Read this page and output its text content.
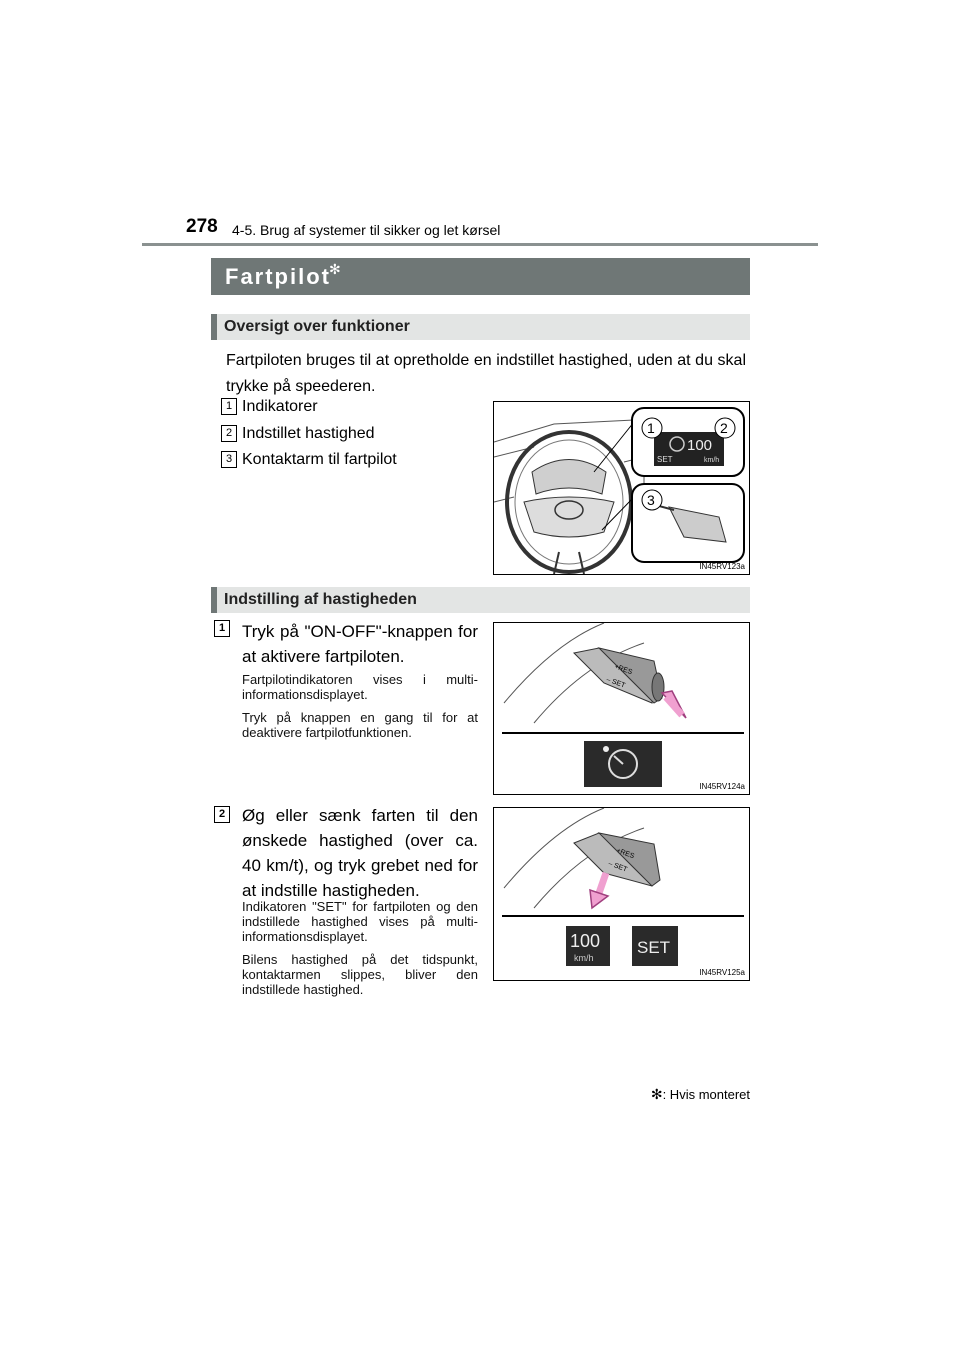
278 4-5. Brug af systemer til sikker og let kørsel
Fartpilot
✻
Oversigt over funktioner
Fartpiloten bruges til at opretholde en indstillet hastighed, uden at du skal trykke på speederen.
1 Indikatorer
2 Indstillet hastighed
3 Kontaktarm til fartpilot
100
SET	km/h
1	2
3
IN45RV123a
Indstilling af hastigheden
1 Tryk på "ON-OFF"-knappen for at aktivere fartpiloten.
Fartpilotindikatoren vises i multi-informationsdisplayet.
Tryk på knappen en gang til for at deaktivere fartpilotfunktionen.
+RES
– SET
IN45RV124a
2 Øg eller sænk farten til den ønskede hastighed (over ca. 40 km/t), og tryk grebet ned for at indstille hastigheden.
Indikatoren "SET" for fartpiloten og den indstillede hastighed vises på multi-informationsdisplayet.
Bilens hastighed på det tidspunkt, kontaktarmen slippes, bliver den indstillede hastighed.
+RES
– SET
100
km/h
SET
IN45RV125a
✻: Hvis monteret
